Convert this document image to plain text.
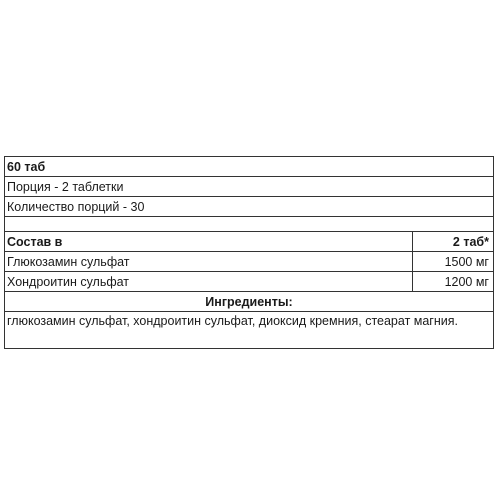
60 таб
Порция - 2 таблетки
Количество порций - 30
Состав в	2 таб*
Глюкозамин сульфат	1500 мг
Хондроитин сульфат	1200 мг
Ингредиенты:
глюкозамин сульфат, хондроитин сульфат, диоксид кремния, стеарат магния.
